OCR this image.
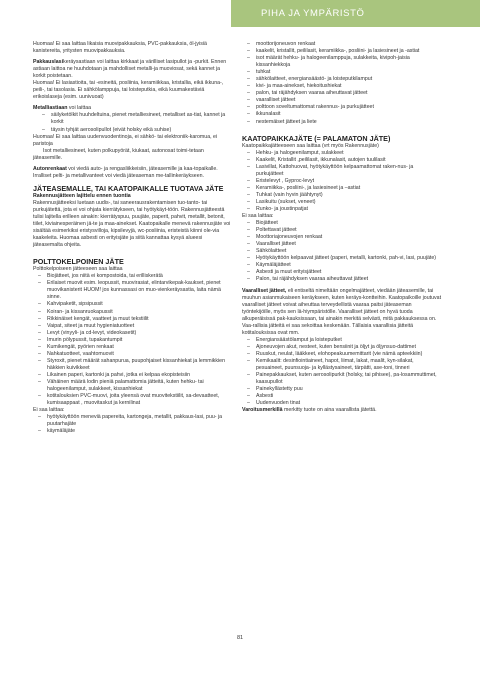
PIHA JA YMPÄRISTÖ

Huomaa! Ei saa laittaa likaisia muovipakkauksia, PVC-pakkauksia, öl-jyisiä kanistereita, yritysten muovipakkauksia.

Pakkauslasikeräysastiaan voi laittaa kirkkaat ja värilliset lasipullot ja -purkit. Ennen astiaan laittoa ne huuhdotaan ja mahdolliset metalli-ja muoviosat, sekä kannet ja korkit poistetaan.

Huomaa! Ei lasiastioita, tai -esineitä, posliinia, keramiikkaa, kristallia, eikä ikkuna-, peili-, tai tasolasia. Ei sähkölamppuja, tai loisteputkia, eikä kuumakestäviä erikoislaseja (esim. uunivuoat)

Metalliastiaan voi laittaa

– säilyketölkit huuhdeltuina, pienet metalliesineet, metalliset as-tiat, kannet ja korkit
– täysin tyhjät aerosolipullot (eivät holsky eikä suhise)

Huomaa! Ei saa laittaa uudenvuodentinoja, ei sähkö- tai elektroniik-karomua, ei paristoja

Isot metalliesineet, kuten polkupyörät, kiukaat, autonosat toimi-tetaan jäteasemille.

Autonrenkaat voi viedä auto- ja rengasliikkeisiin, jäteasemille ja kaa-topaikalle. Irralliset pelti- ja metallivanteet voi viedä jäteaseman me-tallinkeräykseen.

JÄTEASEMALLE, TAI KAATOPAIKALLE TUOTAVA JÄTE

Rakennusjätteen lajittelu ennen tuontia

Rakennusjätteeksi luetaan uudis-, tai saneerausrakentamisen tuo-tanto- tai purkujätettä, jota ei voi ohjata kierrätykseen, tai hyötykäyt-töön. Rakennusjätteestä tulisi lajitella erilleen ainakin: kierrätyspuu, puujäte, paperit, pahvit, metallit, betonit, tiilet, kiviainesperäinen jä-te ja maa-ainekset. Kaatopaikalle menevä rakennusjäte voi sisältää esimerkiksi eristysvilloja, kipsilevyjä, wc-posliinia, eristeistä kiinni ole-via kaakeleita. Huomaa asbesti on erityisjäte ja siitä kannattaa kysyä alueesi jäteasemalta ohjeita.

POLTTOKELPOINEN JÄTE

Polttokelpoiseen jätteeseen saa laittaa

– Biojätteet, jos niitä ei kompostoida, tai erilliskerätä
– Erilaiset muovit esim. leopussit, muovirasiat, elintarvikepak-kaukset, pienet muovikanisterit HUOM! jos kunnassasi on muo-vienkeräysastia, laita nämä sinne.
– Kahvipaketit, sipsipussit
– Koiran- ja kissanruokapussit
– Rikkinäiset kengät, vaatteet ja muut tekstiilit
– Vaipat, siteet ja muut hygieniatuotteet
– Levyt (vinyyli- ja cd-levyt, videokasetit)
– Imurin pölypussit, tupakantumpit
– Kumikengät, pyörien renkaat
– Nahkatuotteet, vaahtomuovit
– Styroxit, pienet määrät sahanpurua, puupohjaiset kissanhiekat ja lemmikkien häkkien kuivikkeet
– Likainen paperi, kartonki ja pahvi, jotka ei kelpaa ekopisteisiin
– Vähäinen määrä lodin pieniä palamattomia jätteitä, kuten hehku- tai halogeenilamput, sulakkeet, kissanhiekat
– kotitalouksien PVC-muovi, joita yleensä ovat muovitekstiilit, sa-devaatteet, kumisaappaat , muovitaskut ja kernilinat

Ei saa laittaa:

– hyötykäyttöön meneviä papereita, kartongeja, metallit, pakkaus-lasi, puu- ja puutarhajäte
– käymäläjäte
– moottorijoneuvon renkaat
– kaakelit, kristallit, peililasit, keramiikka-, posliini- ja lasiesineet ja -astiat
– isot määrät hehku- ja halogeenilamppuja, sulakkeita, kivipoh-jaisia kissanhiekkoja
– tuhkat
– sähkölaitteet, energiansäästö- ja loisteputkilamput
– kivi- ja maa-ainekset, hiekoitushiekat
– palon, tai räjähdyksen vaaraa aiheuttavat jätteet
– vaaralliset jätteet
– polttoon soveltumattomat rakennus- ja purkujätteet
– ikkunalasit
– nestemäiset jätteet ja liete

KAATOPAIKKAJÄTE (= PALAMATON JÄTE)

Kaatopaikkajätteeseen saa laittaa (vrt myös Rakennusjäte)

– Hehku- ja halogeenilamput, sulakkeet
– Kaakelit, Kristallit ,peililasit, ikkunalasit, autojen tuulilasit
– Lasivillat, Kattohuovat, hyötykäyttöön kelpaamattomat raken-nus- ja purkujätteet
– Eristelevyt , Gyproc-levyt
– Keramiikka-, posliini-, ja lasiesineet ja –astiat
– Tuhkat (vain hyvin jäähtynyt)
– Lasikuitu (sukset, veneet)
– Runko- ja joustinpatjat

Ei saa laittaa:

– Biojätteet
– Poltettavat jätteet
– Moottoriajoneuvojen renkaat
– Vaaralliset jätteet
– Sähkölaitteet
– Hyötykäyttöön kelpaavat jätteet (paperi, metalli, kartonki, pah-vi, lasi, puujäte)
– Käymäläjätteet
– Asbesti ja muut erityisjätteet
– Palon, tai räjähdyksen vaaraa aiheuttavat jätteet

Vaaralliset jätteet, eli entiseltä nimeltään ongelmajätteet, viedään jäteasemille, tai muuhun asianmukaiseen keräykseen, kuten keräys-kontteihin. Kaatopaikoille joutuvat vaaralliset jätteet voivat aiheuttaa terveydellistä vaaraa paitsi jäteaseman työntekijöille, myös sen lä-hiympäristölle. Vaaralliset jätteet on hyvä tuoda alkuperäisissä pak-kauksissaan, tai ainakin merkitä selvästi, mitä pakkauksessa on. Vaa-rallisia jätteitä ei saa sekoittaa keskenään. Tällaisia vaarallisia jätteitä kotitalouksissa ovat mm.

– Energiansäästölamput ja loisteputket
– Ajoneuvojen akut, nesteet, kuten bensiinit ja öljyt ja öljynsuo-dattimet
– Ruuskut, neulat, lääkkeet, elohopeakuumemittarit (vie nämä apteekkiin)
– Kemikaalit: desinfiointiaineet, hapot, liimat, lakat, maalit, kyn-silakat, pesuaineet, puunsuoja- ja kyllästysaineet, tärpätti, ase-toni, tinneri
– Painepakkaukset, kuten aerosolipurkit (holsky, tai pihisee), pa-losammuttimet, kaasupullot
– Painekyllästetty puu
– Asbesti
– Uudenvuoden tinat

Varoitusmerkillä merkitty tuote on aina vaarallista jätettä.

81
